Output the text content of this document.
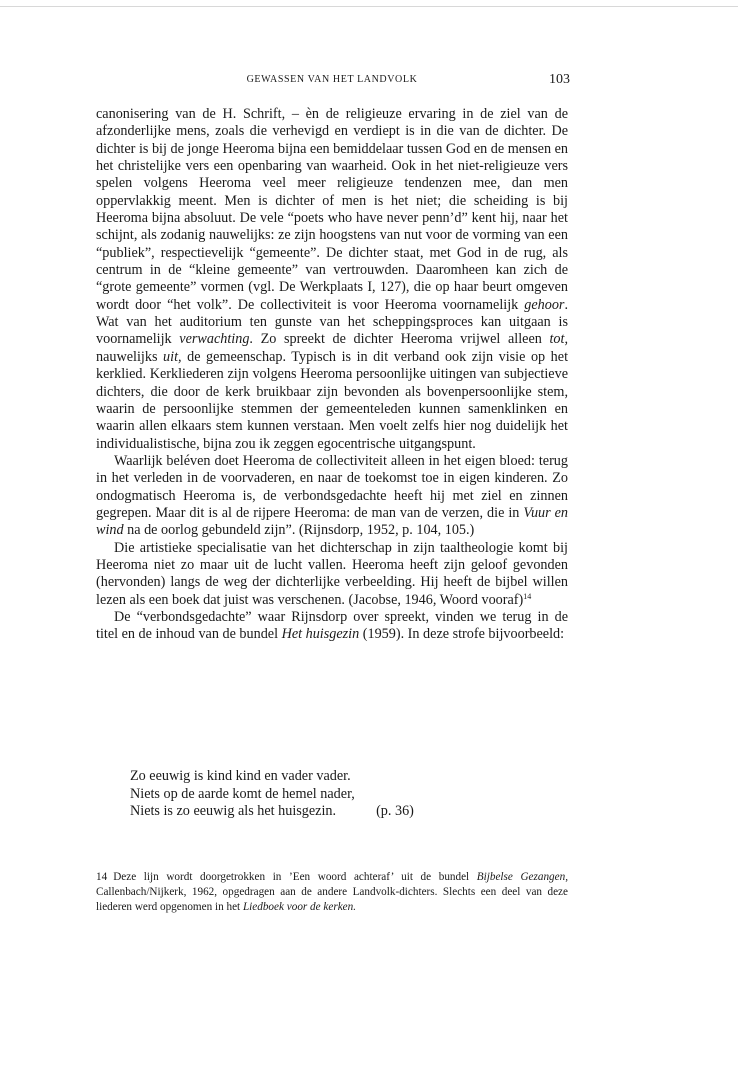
GEWASSEN VAN HET LANDVOLK	103

canonisering van de H. Schrift, – èn de religieuze ervaring in de ziel van de afzonderlijke mens, zoals die verhevigd en verdiept is in die van de dichter. De dichter is bij de jonge Heeroma bijna een bemiddelaar tussen God en de mensen en het christelijke vers een openbaring van waarheid. Ook in het niet-religieuze vers spelen volgens Heeroma veel meer religieuze tendenzen mee, dan men oppervlakkig meent. Men is dichter of men is het niet; die scheiding is bij Heeroma bijna absoluut. De vele “poets who have never penn’d” kent hij, naar het schijnt, als zodanig nauwelijks: ze zijn hoogstens van nut voor de vorming van een “publiek”, respectievelijk “gemeente”. De dichter staat, met God in de rug, als centrum in de “kleine gemeente” van vertrouwden. Daaromheen kan zich de “grote gemeente” vormen (vgl. De Werkplaats I, 127), die op haar beurt omgeven wordt door “het volk”. De collectiviteit is voor Heeroma voornamelijk gehoor. Wat van het auditorium ten gunste van het scheppingsproces kan uitgaan is voornamelijk verwachting. Zo spreekt de dichter Heeroma vrijwel alleen tot, nauwelijks uit, de gemeenschap. Typisch is in dit verband ook zijn visie op het kerklied. Kerkliederen zijn volgens Heeroma persoonlijke uitingen van subjectieve dichters, die door de kerk bruikbaar zijn bevonden als bovenpersoonlijke stem, waarin de persoonlijke stemmen der gemeenteleden kunnen samenklinken en waarin allen elkaars stem kunnen verstaan. Men voelt zelfs hier nog duidelijk het individualistische, bijna zou ik zeggen egocentrische uitgangspunt.

Waarlijk beléven doet Heeroma de collectiviteit alleen in het eigen bloed: terug in het verleden in de voorvaderen, en naar de toekomst toe in eigen kinderen. Zo ondogmatisch Heeroma is, de verbondsgedachte heeft hij met ziel en zinnen gegrepen. Maar dit is al de rijpere Heeroma: de man van de verzen, die in Vuur en wind na de oorlog gebundeld zijn”. (Rijnsdorp, 1952, p. 104, 105.)

Die artistieke specialisatie van het dichterschap in zijn taaltheologie komt bij Heeroma niet zo maar uit de lucht vallen. Heeroma heeft zijn geloof gevonden (hervonden) langs de weg der dichterlijke verbeelding. Hij heeft de bijbel willen lezen als een boek dat juist was verschenen. (Jacobse, 1946, Woord vooraf)$^{14}$

De “verbondsgedachte” waar Rijnsdorp over spreekt, vinden we terug in de titel en de inhoud van de bundel Het huisgezin (1959). In deze strofe bijvoorbeeld:

Zo eeuwig is kind kind en vader vader.
Niets op de aarde komt de hemel nader,
Niets is zo eeuwig als het huisgezin.	(p. 36)
14 Deze lijn wordt doorgetrokken in ’Een woord achteraf’ uit de bundel Bijbelse Gezangen, Callenbach/Nijkerk, 1962, opgedragen aan de andere Landvolk-dichters. Slechts een deel van deze liederen werd opgenomen in het Liedboek voor de kerken.
